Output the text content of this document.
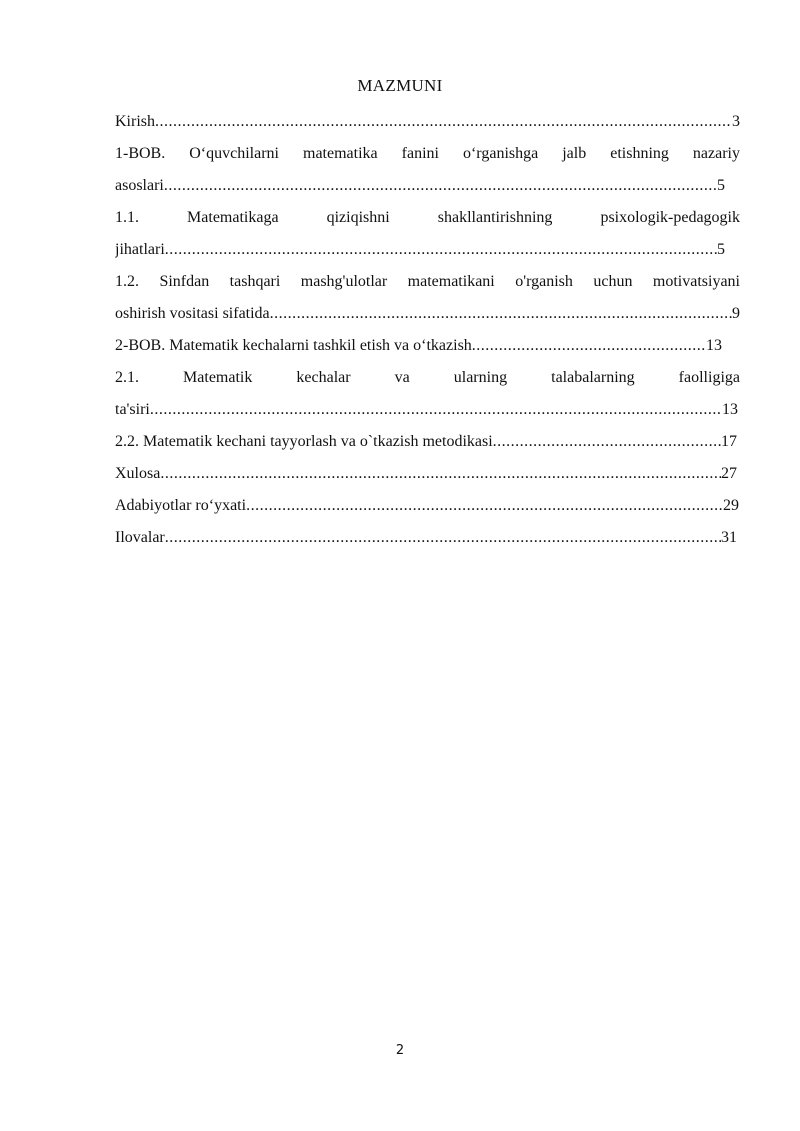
MAZMUNI
Kirish .....	3
1-BOB. O‘quvchilarni matematika fanini o‘rganishga jalb etishning nazariy
asoslari .....	5
1.1. Matematikaga qiziqishni shakllantirishning psixologik-pedagogik
jihatlari .....	5
1.2. Sinfdan tashqari mashg'ulotlar matematikani o'rganish uchun motivatsiyani
oshirish vositasi sifatida .....	9
2-BOB. Matematik kechalarni tashkil etish va o‘tkazish .....	13
2.1. Matematik kechalar va ularning talabalarning faolligiga
ta'siri .....	13
2.2. Matematik kechani tayyorlash va o`tkazish metodikasi .....	17
Xulosa .....	27
Adabiyotlar ro‘yxati .....	29
Ilovalar .....	31
2
